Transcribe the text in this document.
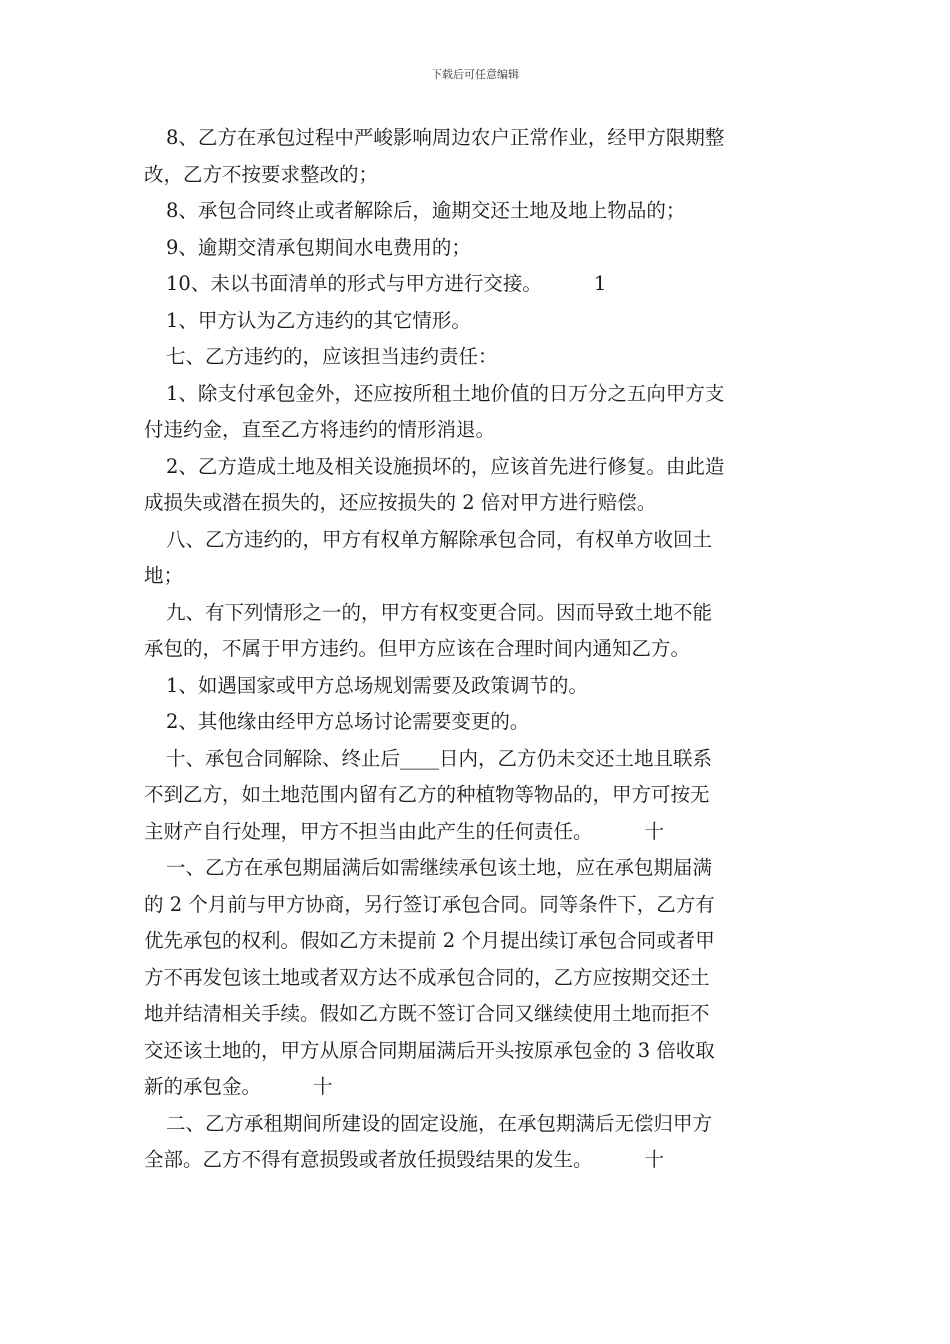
下载后可任意编辑
8、乙方在承包过程中严峻影响周边农户正常作业，经甲方限期整
改，乙方不按要求整改的；
8、承包合同终止或者解除后，逾期交还土地及地上物品的；
9、逾期交清承包期间水电费用的；
10、未以书面清单的形式与甲方进行交接。	1
1、甲方认为乙方违约的其它情形。
七、乙方违约的，应该担当违约责任：
1、除支付承包金外，还应按所租土地价值的日万分之五向甲方支
付违约金，直至乙方将违约的情形消退。
2、乙方造成土地及相关设施损坏的，应该首先进行修复。由此造
成损失或潜在损失的，还应按损失的 2 倍对甲方进行赔偿。
八、乙方违约的，甲方有权单方解除承包合同，有权单方收回土
地；
九、有下列情形之一的，甲方有权变更合同。因而导致土地不能
承包的，不属于甲方违约。但甲方应该在合理时间内通知乙方。
1、如遇国家或甲方总场规划需要及政策调节的。
2、其他缘由经甲方总场讨论需要变更的。
十、承包合同解除、终止后____日内，乙方仍未交还土地且联系
不到乙方，如土地范围内留有乙方的种植物等物品的，甲方可按无
主财产自行处理，甲方不担当由此产生的任何责任。	十
一、乙方在承包期届满后如需继续承包该土地，应在承包期届满
的 2 个月前与甲方协商，另行签订承包合同。同等条件下，乙方有
优先承包的权利。假如乙方未提前 2 个月提出续订承包合同或者甲
方不再发包该土地或者双方达不成承包合同的，乙方应按期交还土
地并结清相关手续。假如乙方既不签订合同又继续使用土地而拒不
交还该土地的，甲方从原合同期届满后开头按原承包金的 3 倍收取
新的承包金。	十
二、乙方承租期间所建设的固定设施，在承包期满后无偿归甲方
全部。乙方不得有意损毁或者放任损毁结果的发生。	十
